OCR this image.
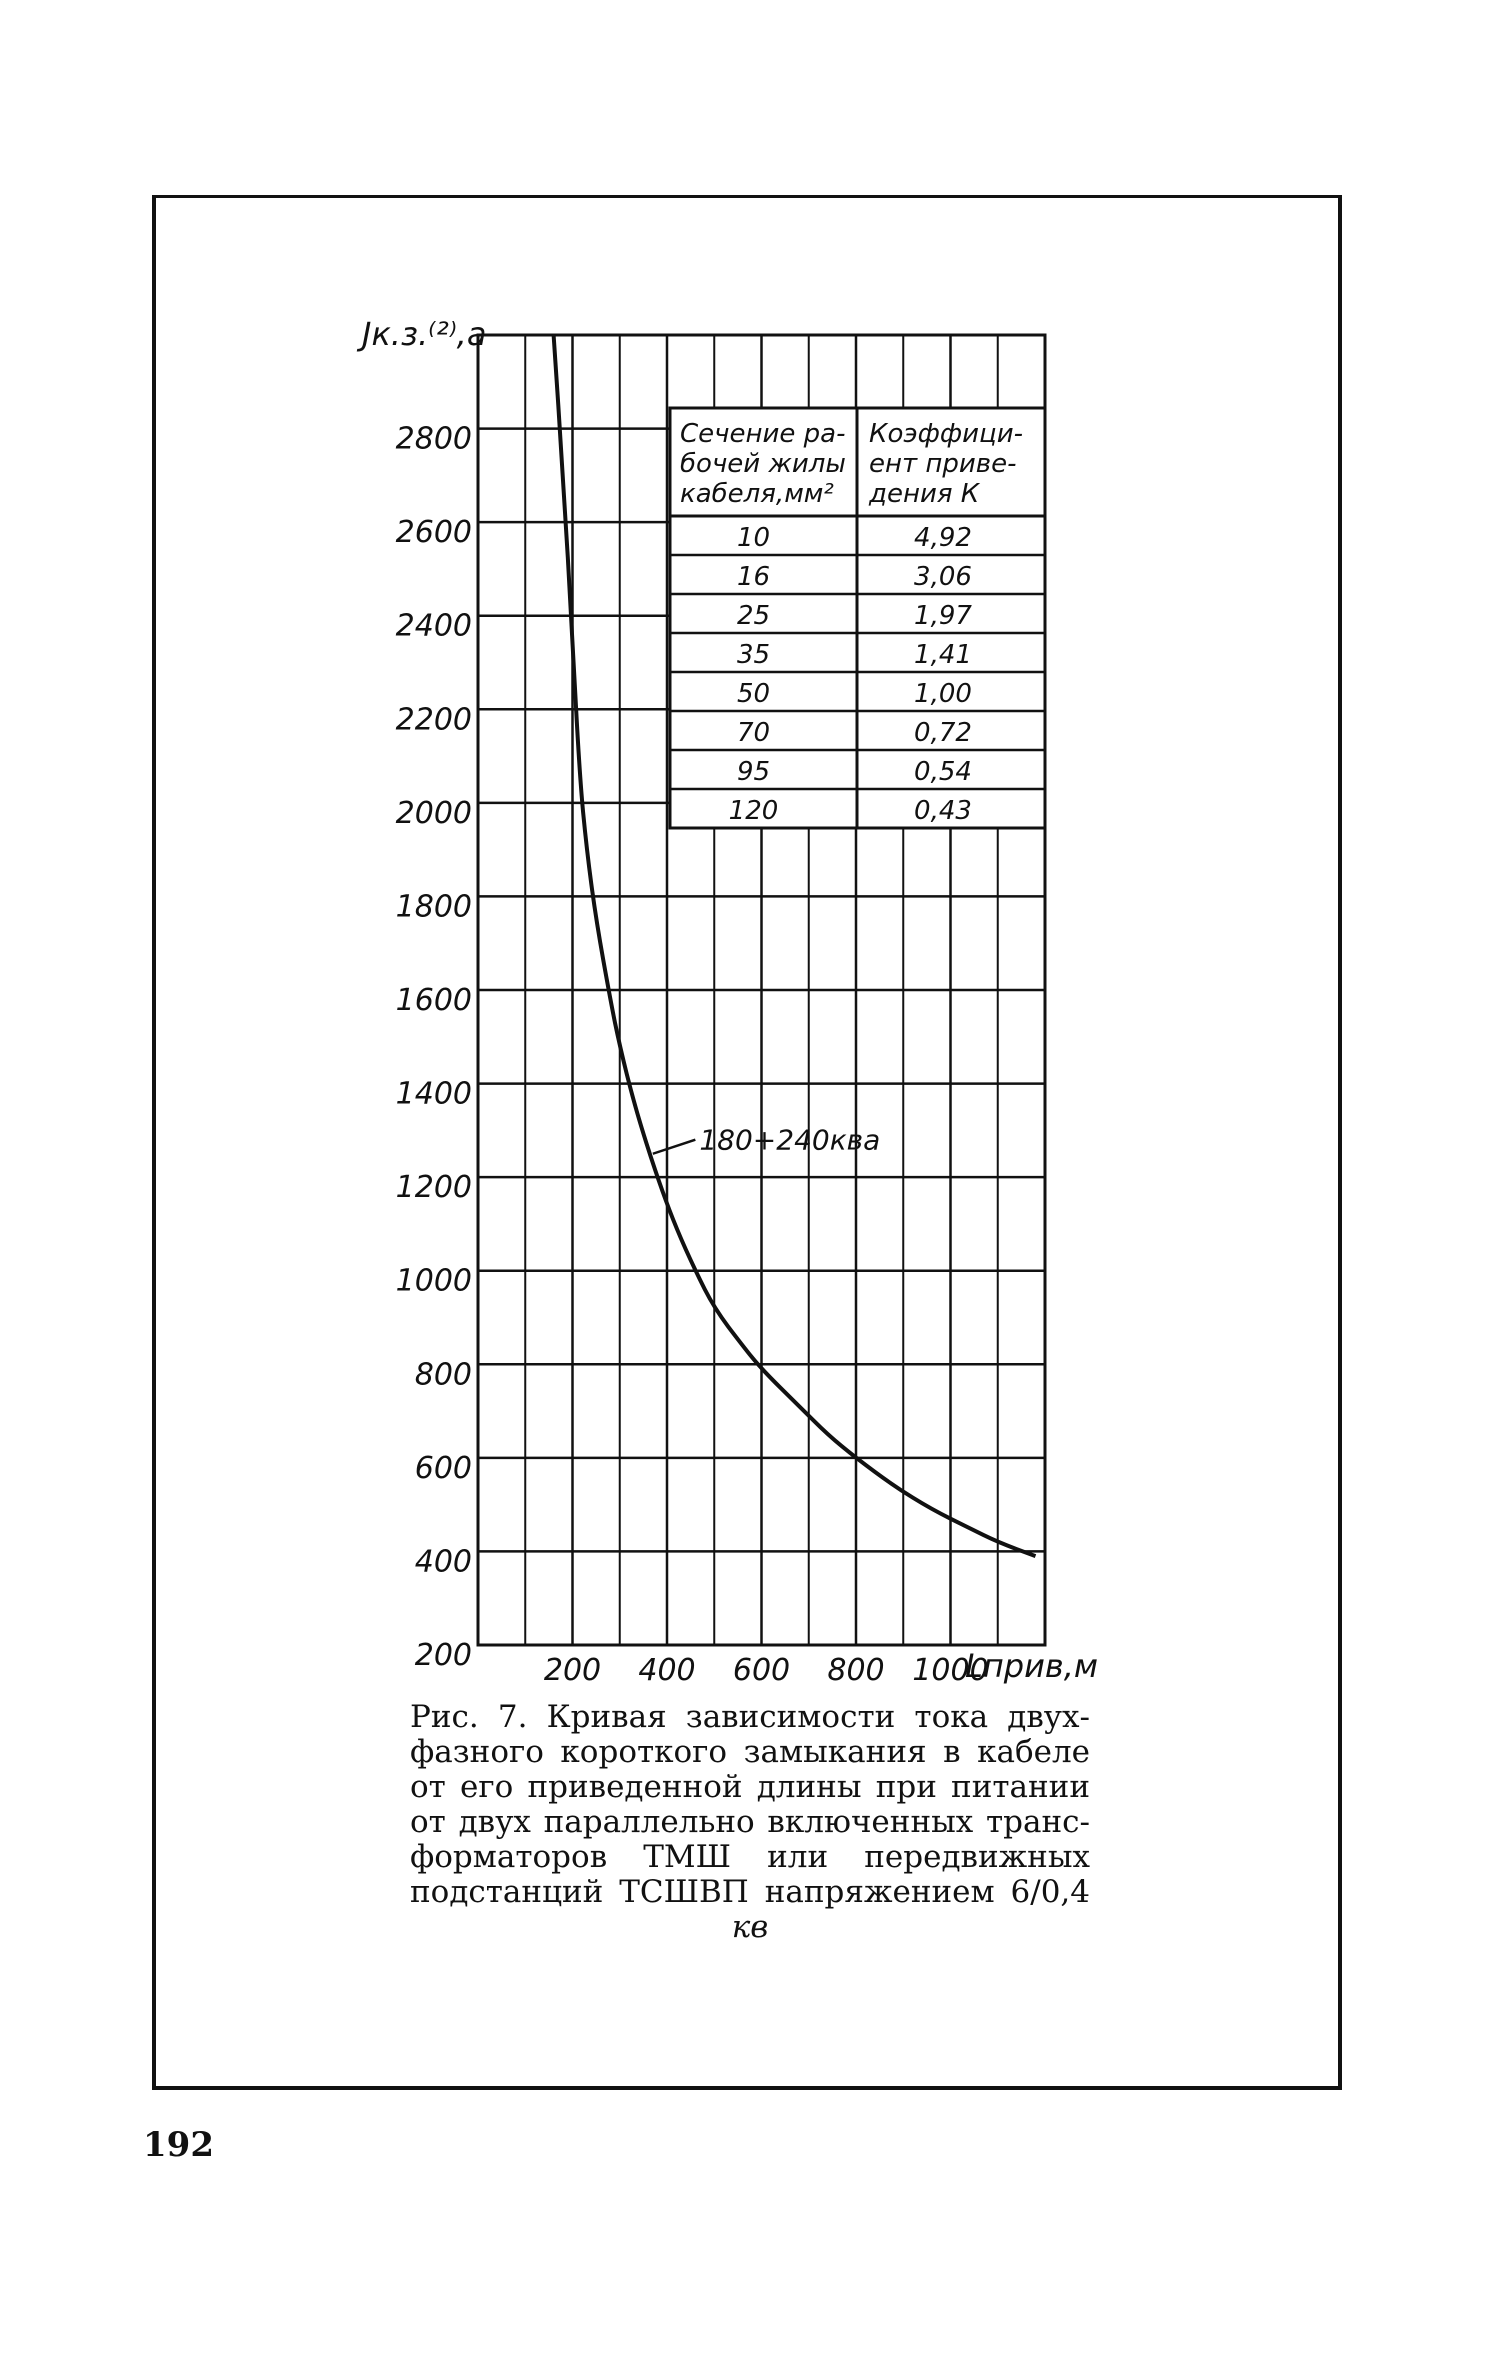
Сечение ра-
бочей жилы
кабеля,мм²
Коэффици-
ент приве-
дения К
10	4,92
16	3,06
25	1,97
35	1,41
50	1,00
70	0,72
95	0,54
120	0,43
180+240ква
200
400
600
800
1000
1200
1400
1600
1800
2000
2200
2400
2600
2800
200 400 600 800 1000
Jк.з.⁽²⁾,a
Lприв,м
Рис. 7. Кривая зависимости тока двух-фазного короткого замыкания в кабеле от его приведенной длины при питании от двух параллельно включенных транс-форматоров ТМШ или передвижных подстанций ТСШВП напряжением 6/0,4 кв
192
